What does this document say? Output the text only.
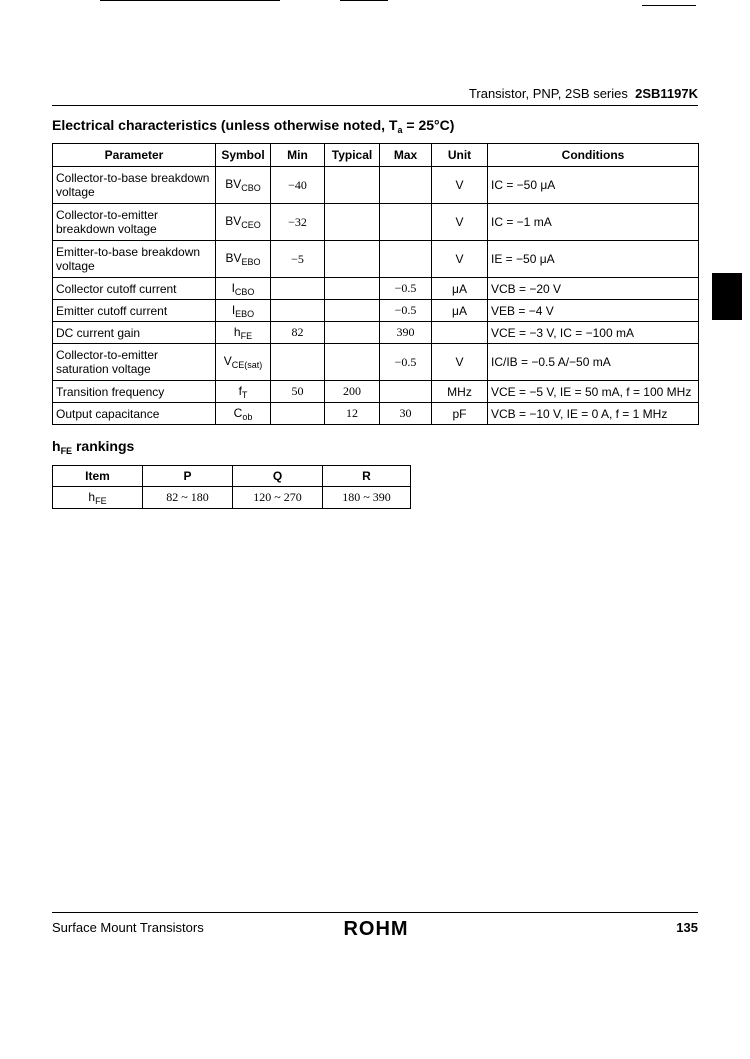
Transistor, PNP, 2SB series 2SB1197K
Electrical characteristics (unless otherwise noted, $T_a = 25^\circ C$)
Parameter	Symbol	Min	Typical	Max	Unit	Conditions
Collector-to-base breakdown voltage	$BV_{CBO}$	−40			V	IC = −50 μA
Collector-to-emitter breakdown voltage	$BV_{CEO}$	−32			V	IC = −1 mA
Emitter-to-base breakdown voltage	$BV_{EBO}$	−5			V	IE = −50 μA
Collector cutoff current	$I_{CBO}$			−0.5	μA	VCB = −20 V
Emitter cutoff current	$I_{EBO}$			−0.5	μA	VEB = −4 V
DC current gain	$h_{FE}$	82		390		VCE = −3 V, IC = −100 mA
Collector-to-emitter saturation voltage	$V_{CE(sat)}$			−0.5	V	IC/IB = −0.5 A/−50 mA
Transition frequency	$f_T$	50	200		MHz	VCE = −5 V, IE = 50 mA, f = 100 MHz
Output capacitance	$C_{ob}$		12	30	pF	VCB = −10 V, IE = 0 A, f = 1 MHz
$h_{FE}$ rankings
Item	P	Q	R
$h_{FE}$	82 ~ 180	120 ~ 270	180 ~ 390
Surface Mount Transistors	ROHM	135
